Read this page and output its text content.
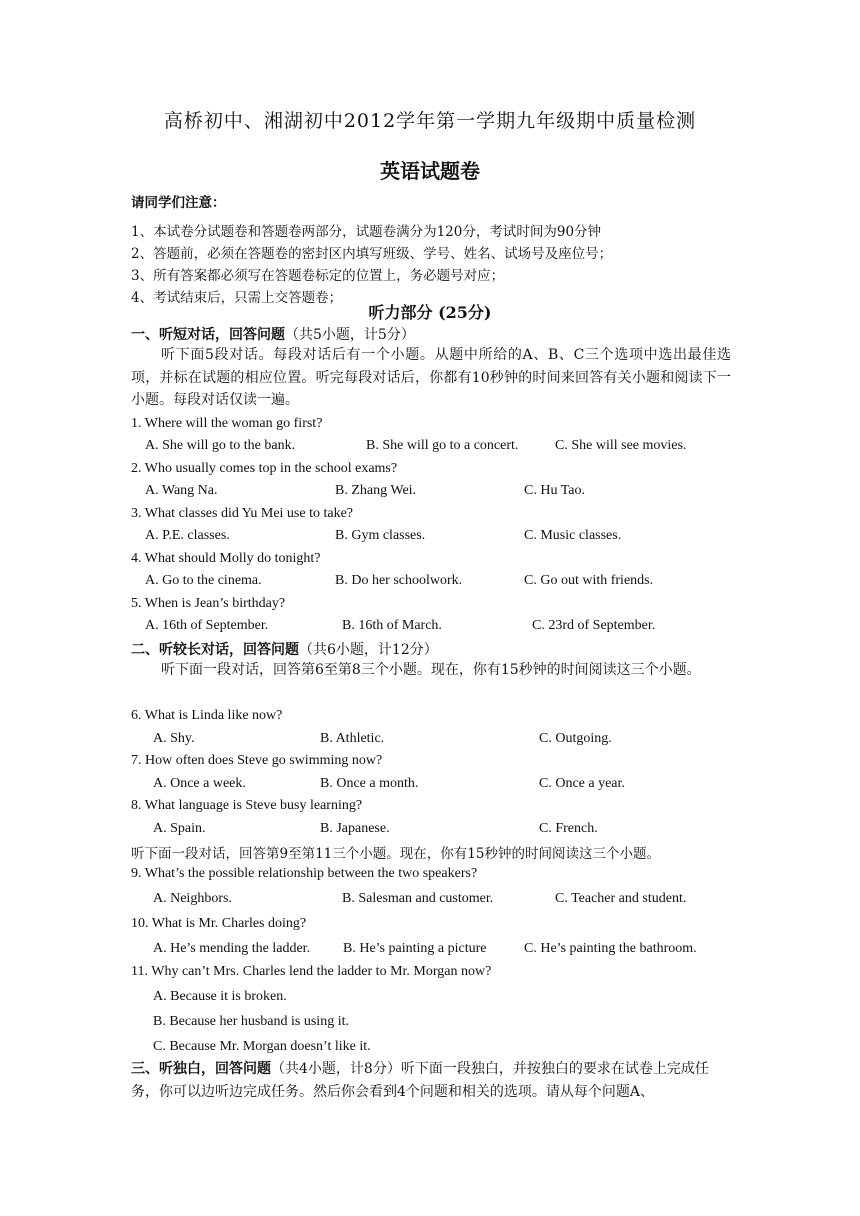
高桥初中、湘湖初中2012学年第一学期九年级期中质量检测
英语试题卷
请同学们注意：
1、本试卷分试题卷和答题卷两部分，试题卷满分为120分，考试时间为90分钟
2、答题前，必须在答题卷的密封区内填写班级、学号、姓名、试场号及座位号；
3、所有答案都必须写在答题卷标定的位置上，务必题号对应；
4、考试结束后，只需上交答题卷；
听力部分 (25分)
一、听短对话，回答问题（共5小题，计5分）
听下面5段对话。每段对话后有一个小题。从题中所给的A、B、C三个选项中选出最佳选项，并标在试题的相应位置。听完每段对话后，你都有10秒钟的时间来回答有关小题和阅读下一小题。每段对话仅读一遍。
1. Where will the woman go first?
A. She will go to the bank.	B. She will go to a concert.	C. She will see movies.
2. Who usually comes top in the school exams?
A. Wang Na.	B. Zhang Wei.	C. Hu Tao.
3. What classes did Yu Mei use to take?
A. P.E. classes.	B. Gym classes.	C. Music classes.
4. What should Molly do tonight?
A. Go to the cinema.	B. Do her schoolwork.	C. Go out with friends.
5. When is Jean’s birthday?
A. 16th of September.	B. 16th of March.	C. 23rd of September.
二、听较长对话，回答问题（共6小题，计12分）
听下面一段对话，回答第6至第8三个小题。现在，你有15秒钟的时间阅读这三个小题。
6. What is Linda like now?
A. Shy.	B. Athletic.	C. Outgoing.
7. How often does Steve go swimming now?
A. Once a week.	B. Once a month.	C. Once a year.
8. What language is Steve busy learning?
A. Spain.	B. Japanese.	C. French.
听下面一段对话，回答第9至第11三个小题。现在，你有15秒钟的时间阅读这三个小题。
9. What’s the possible relationship between the two speakers?
A. Neighbors.	B. Salesman and customer.	C. Teacher and student.
10. What is Mr. Charles doing?
A. He’s mending the ladder. B. He’s painting a picture	C. He’s painting the bathroom.
11. Why can’t Mrs. Charles lend the ladder to Mr. Morgan now?
A. Because it is broken.
B. Because her husband is using it.
C. Because Mr. Morgan doesn’t like it.
三、听独白，回答问题（共4小题，计8分）听下面一段独白，并按独白的要求在试卷上完成任务，你可以边听边完成任务。然后你会看到4个问题和相关的选项。请从每个问题A、
